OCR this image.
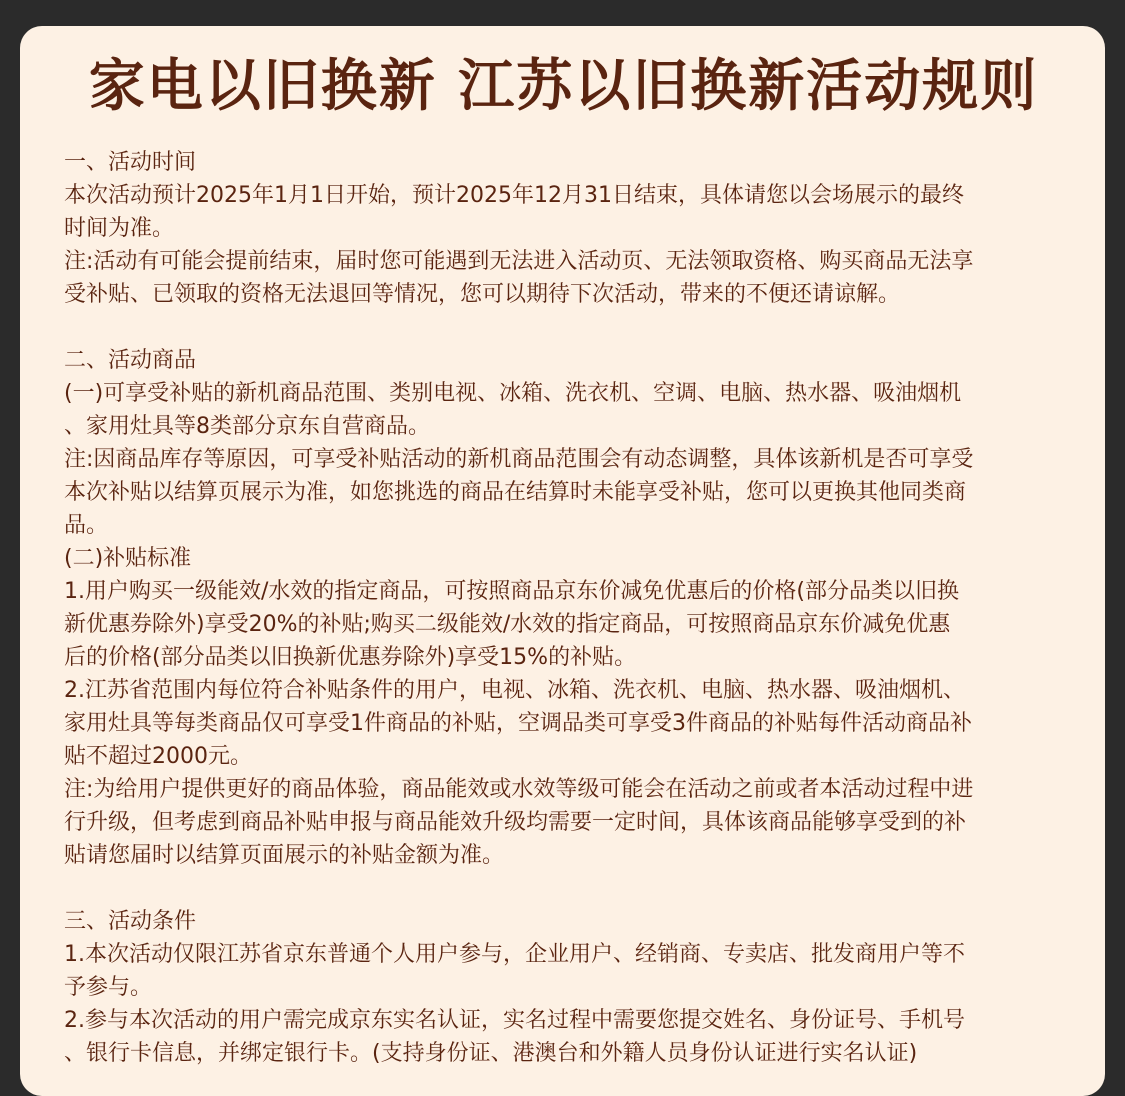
家电以旧换新 江苏以旧换新活动规则

一、活动时间

本次活动预计2025年1月1日开始，预计2025年12月31日结束，具体请您以会场展示的最终

时间为准。

注:活动有可能会提前结束，届时您可能遇到无法进入活动页、无法领取资格、购买商品无法享

受补贴、已领取的资格无法退回等情况，您可以期待下次活动，带来的不便还请谅解。

二、活动商品

(一)可享受补贴的新机商品范围、类别电视、冰箱、洗衣机、空调、电脑、热水器、吸油烟机

、家用灶具等8类部分京东自营商品。

注:因商品库存等原因，可享受补贴活动的新机商品范围会有动态调整，具体该新机是否可享受

本次补贴以结算页展示为准，如您挑选的商品在结算时未能享受补贴，您可以更换其他同类商

品。

(二)补贴标准

1.用户购买一级能效/水效的指定商品，可按照商品京东价减免优惠后的价格(部分品类以旧换

新优惠券除外)享受20%的补贴;购买二级能效/水效的指定商品，可按照商品京东价减免优惠

后的价格(部分品类以旧换新优惠券除外)享受15%的补贴。

2.江苏省范围内每位符合补贴条件的用户，电视、冰箱、洗衣机、电脑、热水器、吸油烟机、

家用灶具等每类商品仅可享受1件商品的补贴，空调品类可享受3件商品的补贴每件活动商品补

贴不超过2000元。

注:为给用户提供更好的商品体验，商品能效或水效等级可能会在活动之前或者本活动过程中进

行升级，但考虑到商品补贴申报与商品能效升级均需要一定时间，具体该商品能够享受到的补

贴请您届时以结算页面展示的补贴金额为准。

三、活动条件

1.本次活动仅限江苏省京东普通个人用户参与，企业用户、经销商、专卖店、批发商用户等不

予参与。

2.参与本次活动的用户需完成京东实名认证，实名过程中需要您提交姓名、身份证号、手机号

、银行卡信息，并绑定银行卡。(支持身份证、港澳台和外籍人员身份认证进行实名认证)
